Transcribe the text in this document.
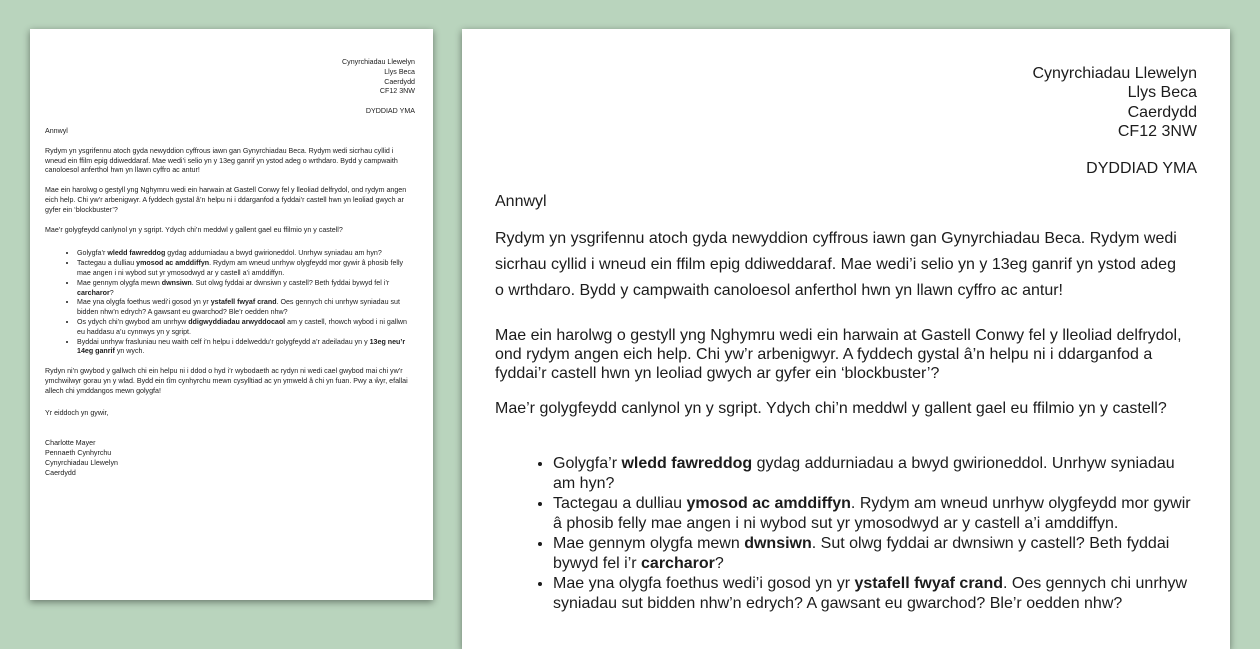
Cynyrchiadau Llewelyn
Llys Beca
Caerdydd
CF12 3NW
DYDDIAD YMA

Annwyl

Rydym yn ysgrifennu atoch gyda newyddion cyffrous iawn gan Gynyrchiadau Beca. Rydym wedi sicrhau cyllid i wneud ein ffilm epig ddiweddaraf. Mae wedi’i selio yn y 13eg ganrif yn ystod adeg o wrthdaro. Bydd y campwaith canoloesol anferthol hwn yn llawn cyffro ac antur!

Mae ein harolwg o gestyll yng Nghymru wedi ein harwain at Gastell Conwy fel y lleoliad delfrydol, ond rydym angen eich help. Chi yw’r arbenigwyr. A fyddech gystal â’n helpu ni i ddarganfod a fyddai’r castell hwn yn leoliad gwych ar gyfer ein ‘blockbuster’?

Mae’r golygfeydd canlynol yn y sgript. Ydych chi’n meddwl y gallent gael eu ffilmio yn y castell?

• Golygfa’r wledd fawreddog gydag addurniadau a bwyd gwirioneddol. Unrhyw syniadau am hyn?
• Tactegau a dulliau ymosod ac amddiffyn. Rydym am wneud unrhyw olygfeydd mor gywir â phosib felly mae angen i ni wybod sut yr ymosodwyd ar y castell a’i amddiffyn.
• Mae gennym olygfa mewn dwnsiwn. Sut olwg fyddai ar dwnsiwn y castell? Beth fyddai bywyd fel i’r carcharor?
• Mae yna olygfa foethus wedi’i gosod yn yr ystafell fwyaf crand. Oes gennych chi unrhyw syniadau sut bidden nhw’n edrych? A gawsant eu gwarchod? Ble’r oedden nhw?
• Os ydych chi’n gwybod am unrhyw ddigwyddiadau arwyddocaol am y castell, rhowch wybod i ni gallwn eu haddasu a’u cynnwys yn y sgript.
• Byddai unrhyw frasluniau neu waith celf i’n helpu i ddelweddu’r golygfeydd a’r adeiladau yn y 13eg neu’r 14eg ganrif yn wych.

Rydyn ni’n gwybod y gallwch chi ein helpu ni i ddod o hyd i’r wybodaeth ac rydyn ni wedi cael gwybod mai chi yw’r ymchwilwyr gorau yn y wlad. Bydd ein tîm cynhyrchu mewn cysylltiad ac yn ymweld â chi yn fuan. Pwy a ŵyr, efallai allech chi ymddangos mewn golygfa!

Yr eiddoch yn gywir,

Charlotte Mayer
Pennaeth Cynhyrchu
Cynyrchiadau Llewelyn
Caerdydd
Cynyrchiadau Llewelyn
Llys Beca
Caerdydd
CF12 3NW
DYDDIAD YMA

Annwyl

Rydym yn ysgrifennu atoch gyda newyddion cyffrous iawn gan Gynyrchiadau Beca. Rydym wedi
sicrhau cyllid i wneud ein ffilm epig ddiweddaraf. Mae wedi’i selio yn y 13eg ganrif yn ystod adeg
o wrthdaro. Bydd y campwaith canoloesol anferthol hwn yn llawn cyffro ac antur!
Mae ein harolwg o gestyll yng Nghymru wedi ein harwain at Gastell Conwy fel y lleoliad delfrydol,
ond rydym angen eich help. Chi yw’r arbenigwyr. A fyddech gystal â’n helpu ni i ddarganfod a
fyddai’r castell hwn yn leoliad gwych ar gyfer ein ‘blockbuster’?

Mae’r golygfeydd canlynol yn y sgript. Ydych chi’n meddwl y gallent gael eu ffilmio yn y castell?

• Golygfa’r wledd fawreddog gydag addurniadau a bwyd gwirioneddol. Unrhyw syniadau am hyn?
• Tactegau a dulliau ymosod ac amddiffyn. Rydym am wneud unrhyw olygfeydd mor gywir
â phosib felly mae angen i ni wybod sut yr ymosodwyd ar y castell a’i amddiffyn.
• Mae gennym olygfa mewn dwnsiwn. Sut olwg fyddai ar dwnsiwn y castell? Beth fyddai
bywyd fel i’r carcharor?
• Mae yna olygfa foethus wedi’i gosod yn yr ystafell fwyaf crand. Oes gennych chi unrhyw
syniadau sut bidden nhw’n edrych? A gawsant eu gwarchod? Ble’r oedden nhw?
